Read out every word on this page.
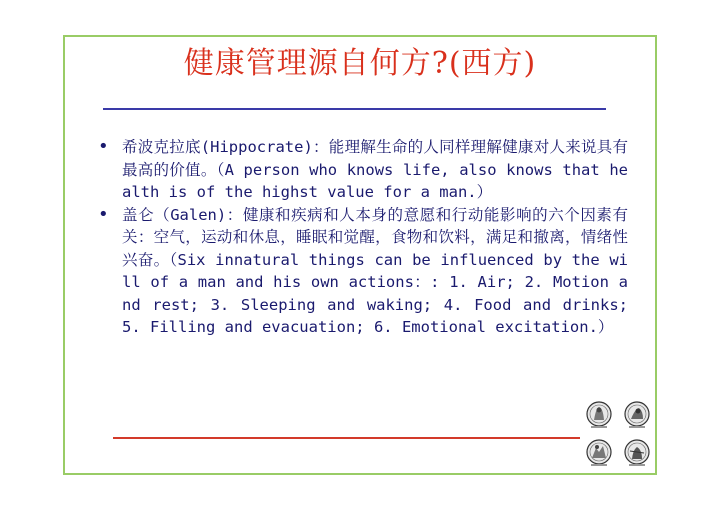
健康管理源自何方?(西方)
• 希波克拉底(Hippocrate)：能理解生命的人同样理解健康对人来说具有最高的价值。（A person who knows life, also knows that health is of the highst value for a man.）
• 盖仑（Galen)：健康和疾病和人本身的意愿和行动能影响的六个因素有关：空气，运动和休息，睡眠和觉醒，食物和饮料，满足和撤离，情绪性兴奋。（Six innatural things can be influenced by the will of a man and his own actions：: 1. Air; 2. Motion and rest; 3. Sleeping and waking; 4. Food and drinks; 5. Filling and evacuation; 6. Emotional excitation.）
